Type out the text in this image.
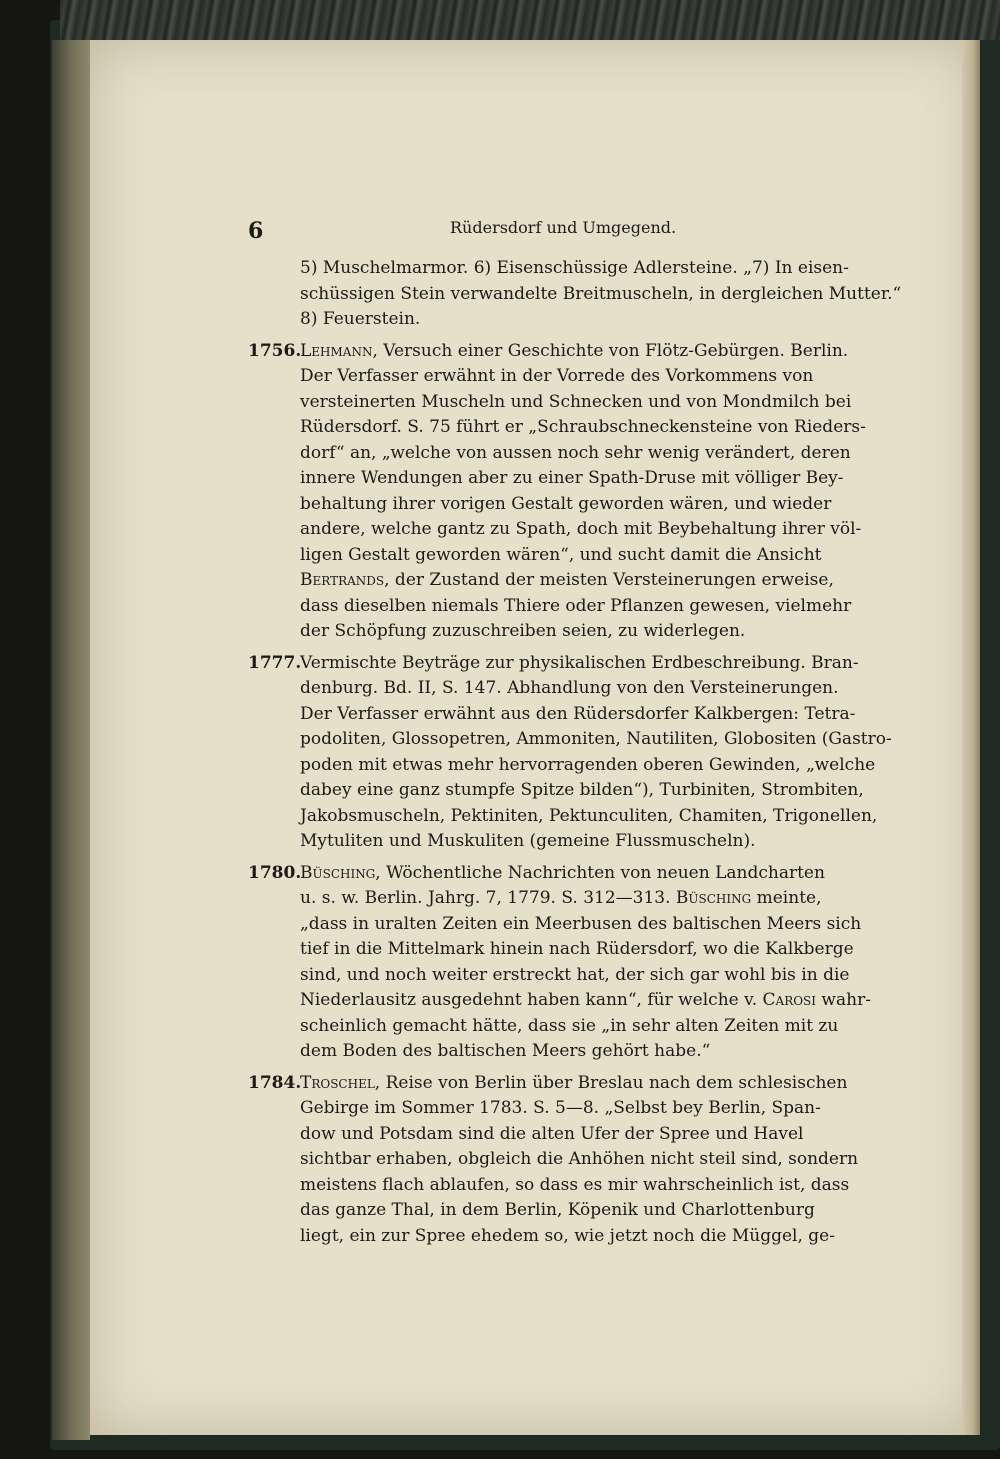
6	Rüdersdorf und Umgegend.
5) Muschelmarmor. 6) Eisenschüssige Adlersteine. „7) In eisen-
schüssigen Stein verwandelte Breitmuscheln, in dergleichen Mutter.“
8) Feuerstein.
1756.
Lehmann, Versuch einer Geschichte von Flötz-Gebürgen. Berlin.
Der Verfasser erwähnt in der Vorrede des Vorkommens von
versteinerten Muscheln und Schnecken und von Mondmilch bei
Rüdersdorf. S. 75 führt er „Schraubschneckensteine von Rieders-
dorf“ an, „welche von aussen noch sehr wenig verändert, deren
innere Wendungen aber zu einer Spath-Druse mit völliger Bey-
behaltung ihrer vorigen Gestalt geworden wären, und wieder
andere, welche gantz zu Spath, doch mit Beybehaltung ihrer völ-
ligen Gestalt geworden wären“, und sucht damit die Ansicht
Bertrands, der Zustand der meisten Versteinerungen erweise,
dass dieselben niemals Thiere oder Pflanzen gewesen, vielmehr
der Schöpfung zuzuschreiben seien, zu widerlegen.
1777.
Vermischte Beyträge zur physikalischen Erdbeschreibung. Bran-
denburg. Bd. II, S. 147. Abhandlung von den Versteinerungen.
Der Verfasser erwähnt aus den Rüdersdorfer Kalkbergen: Tetra-
podoliten, Glossopetren, Ammoniten, Nautiliten, Globositen (Gastro-
poden mit etwas mehr hervorragenden oberen Gewinden, „welche
dabey eine ganz stumpfe Spitze bilden“), Turbiniten, Strombiten,
Jakobsmuscheln, Pektiniten, Pektunculiten, Chamiten, Trigonellen,
Mytuliten und Muskuliten (gemeine Flussmuscheln).
1780.
Büsching, Wöchentliche Nachrichten von neuen Landcharten
u. s. w. Berlin. Jahrg. 7, 1779. S. 312—313. Büsching meinte,
„dass in uralten Zeiten ein Meerbusen des baltischen Meers sich
tief in die Mittelmark hinein nach Rüdersdorf, wo die Kalkberge
sind, und noch weiter erstreckt hat, der sich gar wohl bis in die
Niederlausitz ausgedehnt haben kann“, für welche v. Carosi wahr-
scheinlich gemacht hätte, dass sie „in sehr alten Zeiten mit zu
dem Boden des baltischen Meers gehört habe.“
1784.
Troschel, Reise von Berlin über Breslau nach dem schlesischen
Gebirge im Sommer 1783. S. 5—8. „Selbst bey Berlin, Span-
dow und Potsdam sind die alten Ufer der Spree und Havel
sichtbar erhaben, obgleich die Anhöhen nicht steil sind, sondern
meistens flach ablaufen, so dass es mir wahrscheinlich ist, dass
das ganze Thal, in dem Berlin, Köpenik und Charlottenburg
liegt, ein zur Spree ehedem so, wie jetzt noch die Müggel, ge-
